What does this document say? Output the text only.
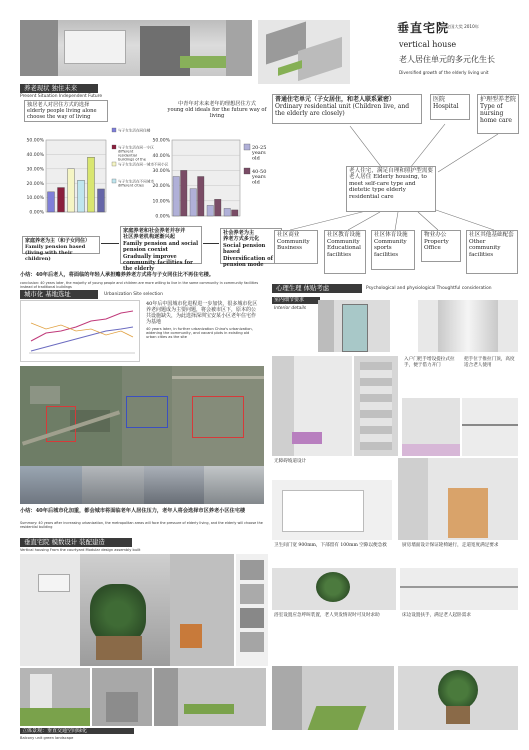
垂直宅院
全国大奖 2010年
vertical house
老人居住单元的多元化生长
Diversified growth of the elderly living unit
养老现状 独住未来
Present Situation Independent Future
独居老人对居住方式的选择
elderly people living alone choose the way of living
50.00%
40.00%
30.00%
20.00%
10.00%
0.00%
与子女生活在同住楼
与子女生活在同一小区
different
residential
buildings of the
与子女生活在同一城市不同小区
与子女生活在不同城市
different cities
中青年对未来老年的理想居住方式
young old ideals for the future way of living
50.00%
40.00%
30.00%
20.00%
10.00%
0.00%
20-25
years
old
40-50
years
old
家庭养老为主（和子女同住）
Family pension based (living with their children)
家庭养老和社会养老并存并
社区养老机构逐渐兴起
Family pension and social pension coexist
Gradually improve community facilities for the elderly
社会养老为主
养老方式多元化
Social pension based
Diversification of pension mode
小结：40年后老人，将面临的年轻人承担赡养养老方式将与子女同住比不再住宅楼。
conclusion: 40 years later, the majority of young people and children are more willing to live in the same community in community facilities instead of traditional buildings
普通住宅单元（子女居住，和老人联系紧密）
Ordinary residential unit (Children live, and the elderly are closely)
医院
Hospital
护理型养老院
Type of nursing home care
老人住宅，满足自理和照护型需要老人居住 Elderly housing, to meet self-care type and dietetic type elderly residential care
社区商业
Community Business
社区教育设施
Community Educational facilities
社区体育设施
Community sports facilities
物业办公
Property Office
社区其他基础配套
Other community facilities
城市化 基地选址	Urbanization Site selection
40年后中国城市化进程进一步加快，很多城市化区养老问题成为主要问题，将会被市区下，原本的公共设施缺失，为此选择深圳宝安某小区老年住宅作为基地
40 years later, in further urbanization China's urbanization, widening the community, and vacant plots in existing old urban cities as the site
小结：40年后城市化加重，都会城市将面临老年人居住压力，老年人将会选择市区养老小区住宅楼
Summary: 40 years after increasing urbanization, the metropolitan areas will face the pressure of elderly living, and the elderly will choose the residential building
垂直宅院 模数设计 装配建造
Vertical housing From the courtyard Modular design assembly built
立体景观：垂直交通空间绿化
Balcony unit green landscape
心理生理 体贴考虑	Psychological and physiological Thoughtful consideration
室内细节要求
Interior details
入户门把手增设提拉式拉手，便于借力开门
把手位于推拉门顶，高度适合老人使用
无障碍坡道设计
卫生间门宽 900mm，下部留有 100mm 空隙以便急救	厨房墙面设计保证轮椅通行，走道宽度满足要求
浴室设置应急呼叫装置，老人突发情况时可及时求助	床边设置扶手，满足老人起卧需求
